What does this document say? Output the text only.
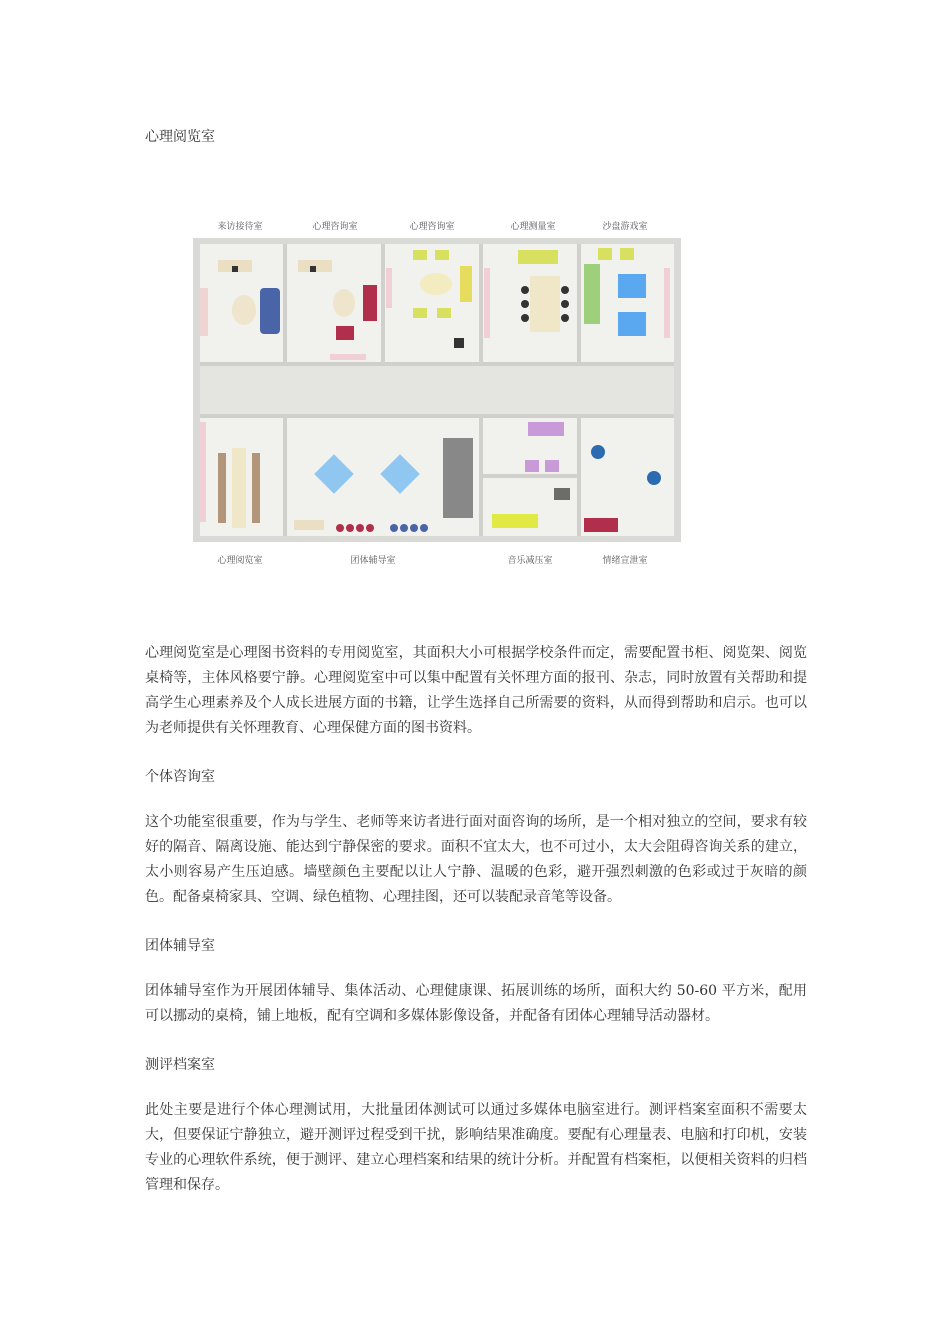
心理阅览室
来访接待室	心理咨询室	心理咨询室	心理测量室	沙盘游戏室
心理阅览室	团体辅导室	音乐减压室	情绪宣泄室

心理阅览室是心理图书资料的专用阅览室，其面积大小可根据学校条件而定，需要配置书柜、阅览架、阅览桌椅等，主体风格要宁静。心理阅览室中可以集中配置有关怀理方面的报刊、杂志，同时放置有关帮助和提高学生心理素养及个人成长进展方面的书籍，让学生选择自己所需要的资料，从而得到帮助和启示。也可以为老师提供有关怀理教育、心理保健方面的图书资料。

个体咨询室

这个功能室很重要，作为与学生、老师等来访者进行面对面咨询的场所，是一个相对独立的空间，要求有较好的隔音、隔离设施、能达到宁静保密的要求。面积不宜太大，也不可过小，太大会阻碍咨询关系的建立，太小则容易产生压迫感。墙壁颜色主要配以让人宁静、温暖的色彩，避开强烈刺激的色彩或过于灰暗的颜色。配备桌椅家具、空调、绿色植物、心理挂图，还可以装配录音笔等设备。

团体辅导室

团体辅导室作为开展团体辅导、集体活动、心理健康课、拓展训练的场所，面积大约 50-60 平方米，配用可以挪动的桌椅，铺上地板，配有空调和多媒体影像设备，并配备有团体心理辅导活动器材。

测评档案室

此处主要是进行个体心理测试用，大批量团体测试可以通过多媒体电脑室进行。测评档案室面积不需要太大，但要保证宁静独立，避开测评过程受到干扰，影响结果准确度。要配有心理量表、电脑和打印机，安装专业的心理软件系统，便于测评、建立心理档案和结果的统计分析。并配置有档案柜，以便相关资料的归档管理和保存。
